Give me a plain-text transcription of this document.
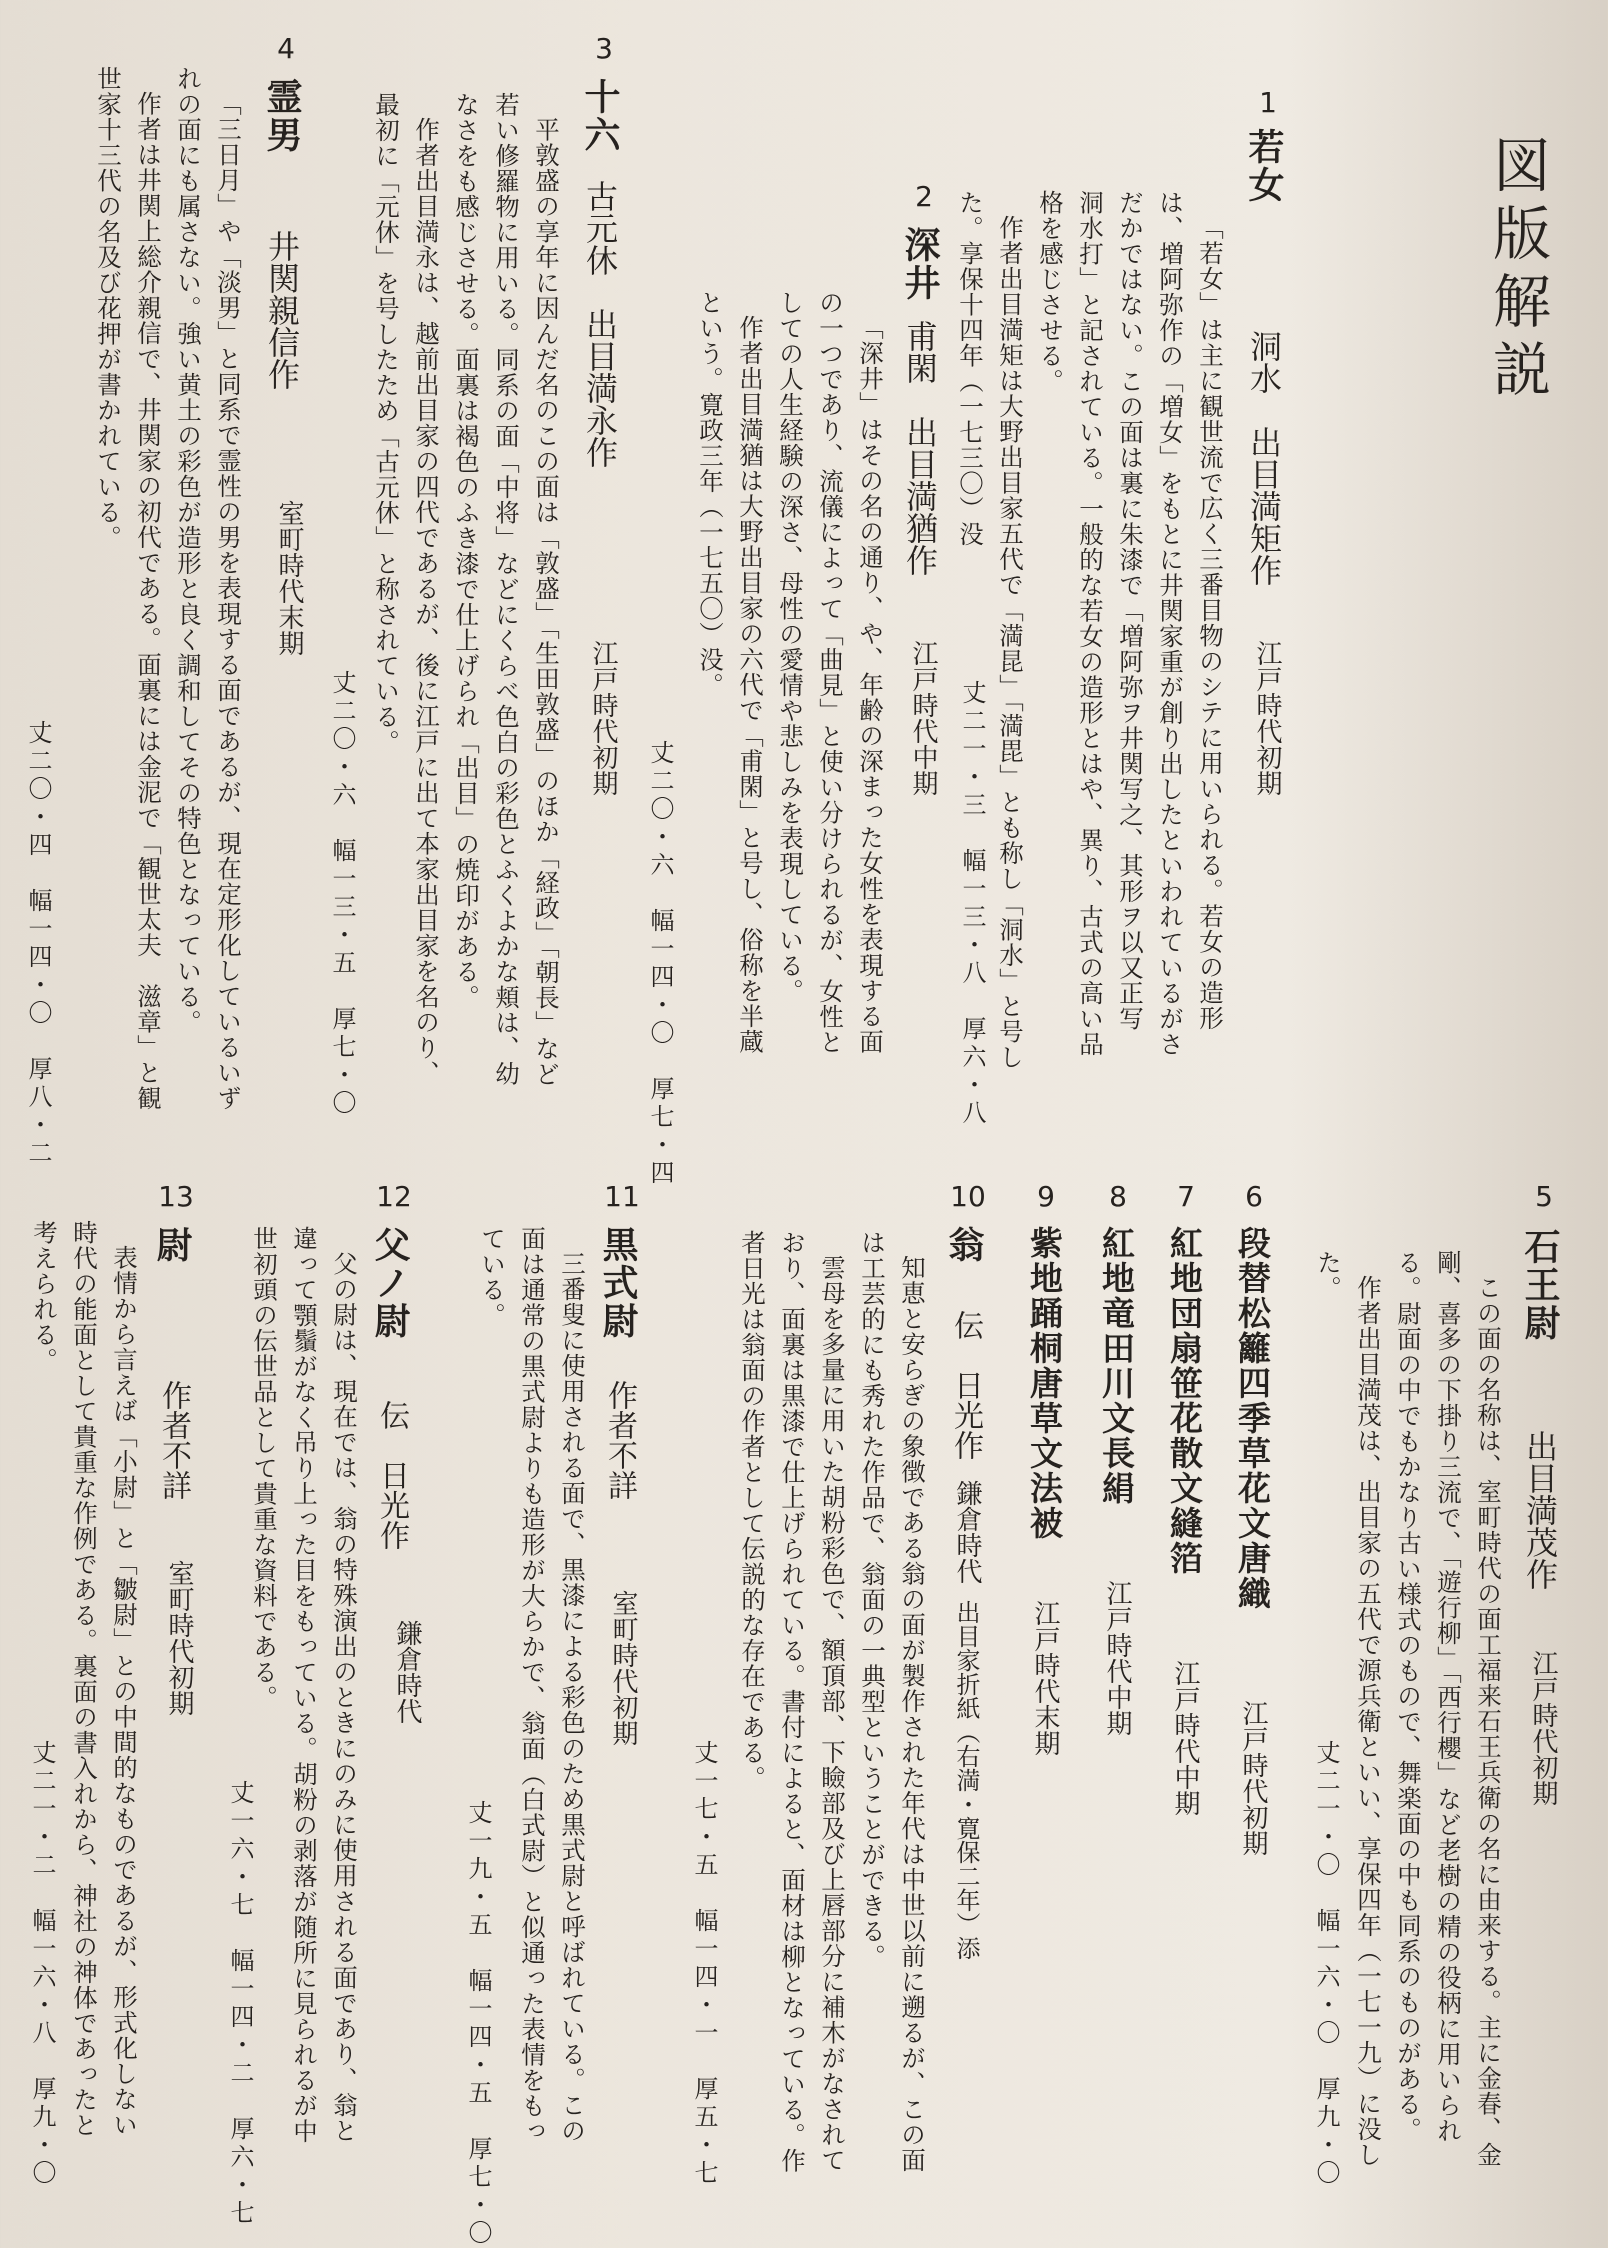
図版解説
1
若女
洞水　出目満矩作
江戸時代初期

「若女」は主に観世流で広く三番目物のシテに用いられる。若女の造形は、増阿弥作の「増女」をもとに井関家重が創り出したといわれているがさだかではない。この面は裏に朱漆で「増阿弥ヲ井関写之、其形ヲ以又正写　洞水打」と記されている。一般的な若女の造形とはや、異り、古式の高い品格を感じさせる。

作者出目満矩は大野出目家五代で「満昆」「満毘」とも称し「洞水」と号した。享保十四年（一七三〇）没

丈二一・三　幅一三・八　厚六・八
2
深井
甫閑　出目満猶作
江戸時代中期

「深井」はその名の通り、や、年齢の深まった女性を表現する面の一つであり、流儀によって「曲見」と使い分けられるが、女性としての人生経験の深さ、母性の愛情や悲しみを表現している。

作者出目満猶は大野出目家の六代で「甫閑」と号し、俗称を半蔵という。寛政三年（一七五〇）没。

丈二〇・六　幅一四・〇　厚七・四
3
十六
古元休　出目満永作
江戸時代初期

平敦盛の享年に因んだ名のこの面は「敦盛」「生田敦盛」のほか「経政」「朝長」など若い修羅物に用いる。同系の面「中将」などにくらべ色白の彩色とふくよかな頬は、幼なさをも感じさせる。面裏は褐色のふき漆で仕上げられ「出目」の焼印がある。

作者出目満永は、越前出目家の四代であるが、後に江戸に出て本家出目家を名のり、最初に「元休」を号したため「古元休」と称されている。

丈二〇・六　幅一三・五　厚七・〇
4
霊男
井関親信作
室町時代末期

「三日月」や「淡男」と同系で霊性の男を表現する面であるが、現在定形化しているいずれの面にも属さない。強い黄土の彩色が造形と良く調和してその特色となっている。

作者は井関上総介親信で、井関家の初代である。面裏には金泥で「観世太夫　滋章」と観世家十三代の名及び花押が書かれている。

丈二〇・四　幅一四・〇　厚八・二
5
石王尉
出目満茂作
江戸時代初期

この面の名称は、室町時代の面工福来石王兵衛の名に由来する。主に金春、金剛、喜多の下掛り三流で、「遊行柳」「西行櫻」など老樹の精の役柄に用いられる。尉面の中でもかなり古い様式のもので、舞楽面の中も同系のものがある。

作者出目満茂は、出目家の五代で源兵衛といい、享保四年（一七一九）に没した。

丈二一・〇　幅一六・〇　厚九・〇
6
段替松籬四季草花文唐織
江戸時代初期
7
紅地団扇笹花散文縫箔
江戸時代中期
8
紅地竜田川文長絹
江戸時代中期
9
紫地踊桐唐草文法被
江戸時代末期
10
翁
伝　日光作
鎌倉時代
出目家折紙（右満・寛保二年）添

知恵と安らぎの象徴である翁の面が製作された年代は中世以前に遡るが、この面は工芸的にも秀れた作品で、翁面の一典型ということができる。

雲母を多量に用いた胡粉彩色で、額頂部、下瞼部及び上唇部分に補木がなされており、面裏は黒漆で仕上げられている。書付によると、面材は柳となっている。作者日光は翁面の作者として伝説的な存在である。

丈一七・五　幅一四・一　厚五・七
11
黒式尉
作者不詳
室町時代初期

三番叟に使用される面で、黒漆による彩色のため黒式尉と呼ばれている。この面は通常の黒式尉よりも造形が大らかで、翁面（白式尉）と似通った表情をもっている。

丈一九・五　幅一四・五　厚七・〇
12
父ノ尉
伝　日光作
鎌倉時代

父の尉は、現在では、翁の特殊演出のときにのみに使用される面であり、翁と違って顎鬚がなく吊り上った目をもっている。胡粉の剥落が随所に見られるが中世初頭の伝世品として貴重な資料である。

丈一六・七　幅一四・二　厚六・七
13
尉
作者不詳
室町時代初期

表情から言えば「小尉」と「皺尉」との中間的なものであるが、形式化しない時代の能面として貴重な作例である。裏面の書入れから、神社の神体であったと考えられる。

丈二一・二　幅一六・八　厚九・〇
